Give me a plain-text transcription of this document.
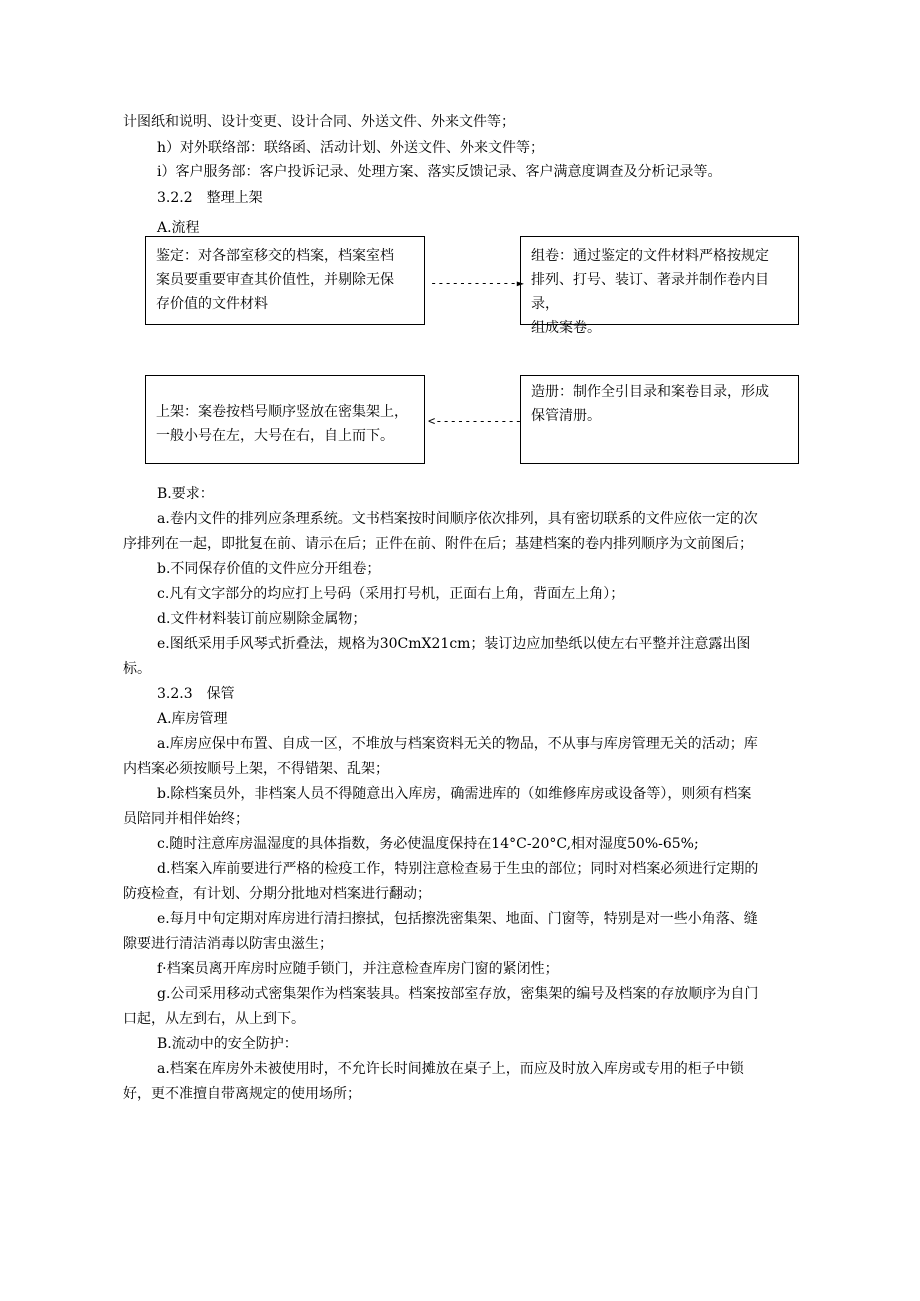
计图纸和说明、设计变更、设计合同、外送文件、外来文件等；
h）对外联络部：联络函、活动计划、外送文件、外来文件等；
i）客户服务部：客户投诉记录、处理方案、落实反馈记录、客户满意度调查及分析记录等。
3.2.2　整理上架
A.流程
鉴定：对各部室移交的档案，档案室档
案员要重要审查其价值性，并剔除无保
存价值的文件材料
------------►
组卷：通过鉴定的文件材料严格按规定
排列、打号、装订、著录并制作卷内目录，
组成案卷。
上架：案卷按档号顺序竖放在密集架上，
一般小号在左，大号在右，自上而下。
<------------
造册：制作全引目录和案卷目录，形成
保管清册。
B.要求：
a.卷内文件的排列应条理系统。文书档案按时间顺序依次排列，具有密切联系的文件应依一定的次
序排列在一起，即批复在前、请示在后；正件在前、附件在后；基建档案的卷内排列顺序为文前图后；
b.不同保存价值的文件应分开组卷；
c.凡有文字部分的均应打上号码（采用打号机，正面右上角，背面左上角）；
d.文件材料装订前应剔除金属物；
e.图纸采用手风琴式折叠法，规格为30CmX21cm；装订边应加垫纸以使左右平整并注意露出图
标。
3.2.3　保管
A.库房管理
a.库房应保中布置、自成一区，不堆放与档案资料无关的物品，不从事与库房管理无关的活动；库
内档案必须按顺号上架，不得错架、乱架；
b.除档案员外，非档案人员不得随意出入库房，确需进库的（如维修库房或设备等），则须有档案
员陪同并相伴始终；
c.随时注意库房温湿度的具体指数，务必使温度保持在14°C-20°C,相对湿度50%-65%;
d.档案入库前要进行严格的检疫工作，特别注意检查易于生虫的部位；同时对档案必须进行定期的
防疫检查，有计划、分期分批地对档案进行翻动；
e.每月中旬定期对库房进行清扫擦拭，包括擦洗密集架、地面、门窗等，特别是对一些小角落、缝
隙要进行清洁消毒以防害虫滋生；
f·档案员离开库房时应随手锁门，并注意检查库房门窗的紧闭性；
g.公司采用移动式密集架作为档案装具。档案按部室存放，密集架的编号及档案的存放顺序为自门
口起，从左到右，从上到下。
B.流动中的安全防护：
a.档案在库房外未被使用时，不允许长时间摊放在桌子上，而应及时放入库房或专用的柜子中锁
好，更不准擅自带离规定的使用场所；
